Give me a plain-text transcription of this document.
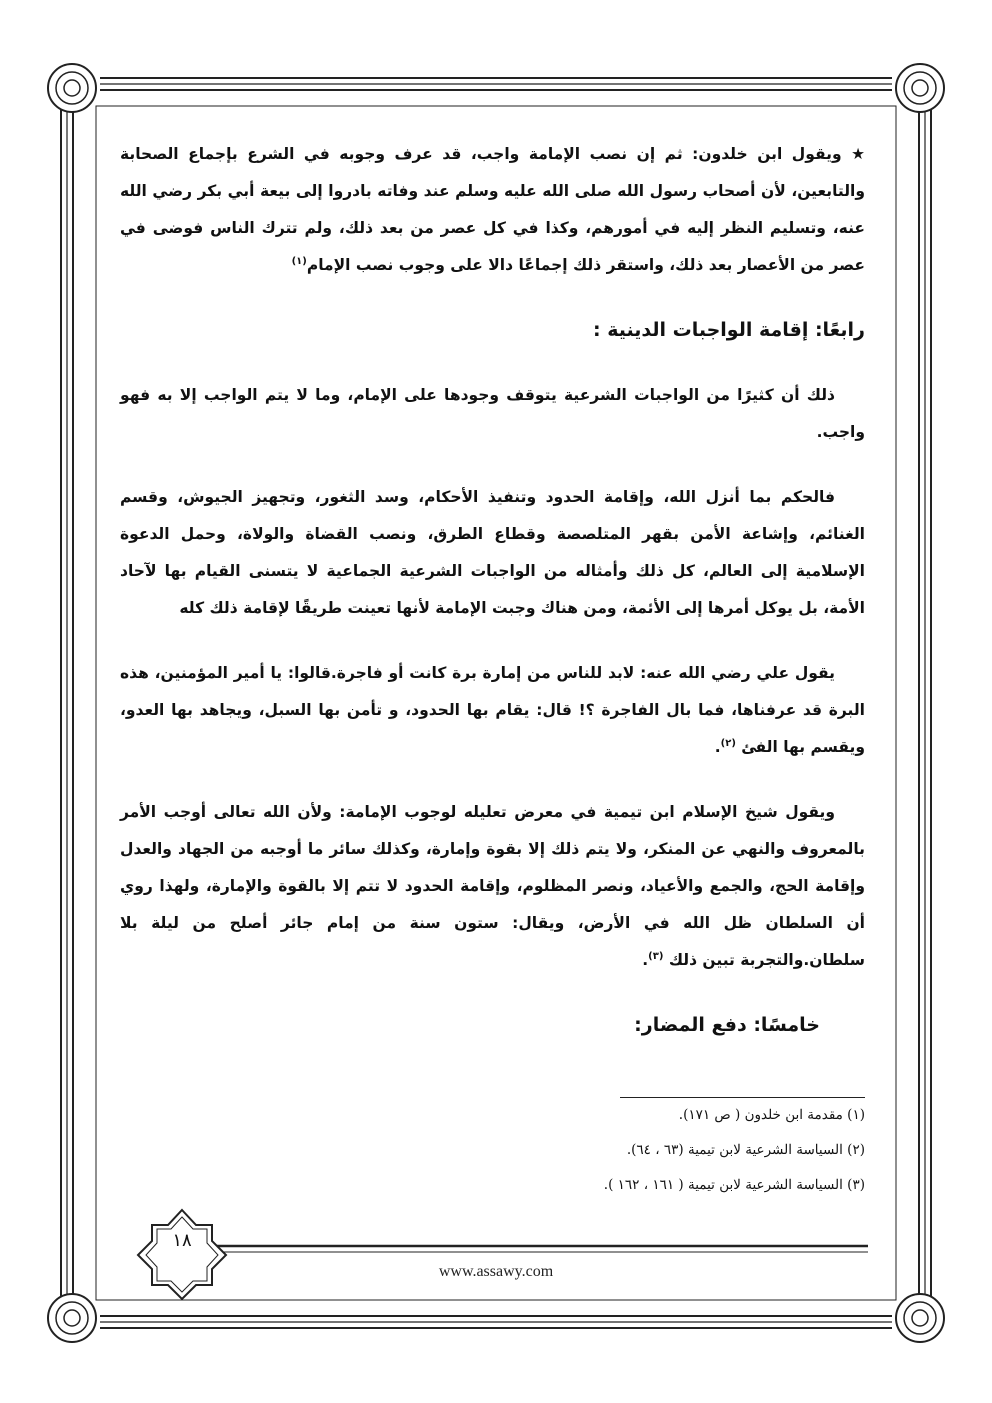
★ ويقول ابن خلدون: ثم إن نصب الإمامة واجب، قد عرف وجوبه في الشرع بإجماع الصحابة والتابعين، لأن أصحاب رسول الله صلى الله عليه وسلم عند وفاته بادروا إلى بيعة أبي بكر رضي الله عنه، وتسليم النظر إليه في أمورهم، وكذا في كل عصر من بعد ذلك، ولم تترك الناس فوضى في عصر من الأعصار بعد ذلك، واستقر ذلك إجماعًا دالا على وجوب نصب الإمام$^{(١)}$

رابعًا: إقامة الواجبات الدينية :

ذلك أن كثيرًا من الواجبات الشرعية يتوقف وجودها على الإمام، وما لا يتم الواجب إلا به فهو واجب.

فالحكم بما أنزل الله، وإقامة الحدود وتنفيذ الأحكام، وسد الثغور، وتجهيز الجيوش، وقسم الغنائم، وإشاعة الأمن بقهر المتلصصة وقطاع الطرق، ونصب القضاة والولاة، وحمل الدعوة الإسلامية إلى العالم، كل ذلك وأمثاله من الواجبات الشرعية الجماعية لا يتسنى القيام بها لآحاد الأمة، بل يوكل أمرها إلى الأئمة، ومن هناك وجبت الإمامة لأنها تعينت طريقًا لإقامة ذلك كله

يقول علي رضي الله عنه: لابد للناس من إمارة برة كانت أو فاجرة.قالوا: يا أمير المؤمنين، هذه البرة قد عرفناها، فما بال الفاجرة ؟! قال: يقام بها الحدود، و تأمن بها السبل، ويجاهد بها العدو، ويقسم بها الفئ $^{(٢)}$.

ويقول شيخ الإسلام ابن تيمية في معرض تعليله لوجوب الإمامة: ولأن الله تعالى أوجب الأمر بالمعروف والنهي عن المنكر، ولا يتم ذلك إلا بقوة وإمارة، وكذلك سائر ما أوجبه من الجهاد والعدل وإقامة الحج، والجمع والأعياد، ونصر المظلوم، وإقامة الحدود لا تتم إلا بالقوة والإمارة، ولهذا روي أن السلطان ظل الله في الأرض، ويقال: ستون سنة من إمام جائر أصلح من ليلة بلا سلطان.والتجربة تبين ذلك $^{(٣)}$.

خامسًا: دفع المضار:
(١) مقدمة ابن خلدون ( ص ١٧١).
(٢) السياسة الشرعية لابن تيمية (٦٣ ، ٦٤).
(٣) السياسة الشرعية لابن تيمية ( ١٦١ ، ١٦٢ ).
١٨
www.assawy.com
